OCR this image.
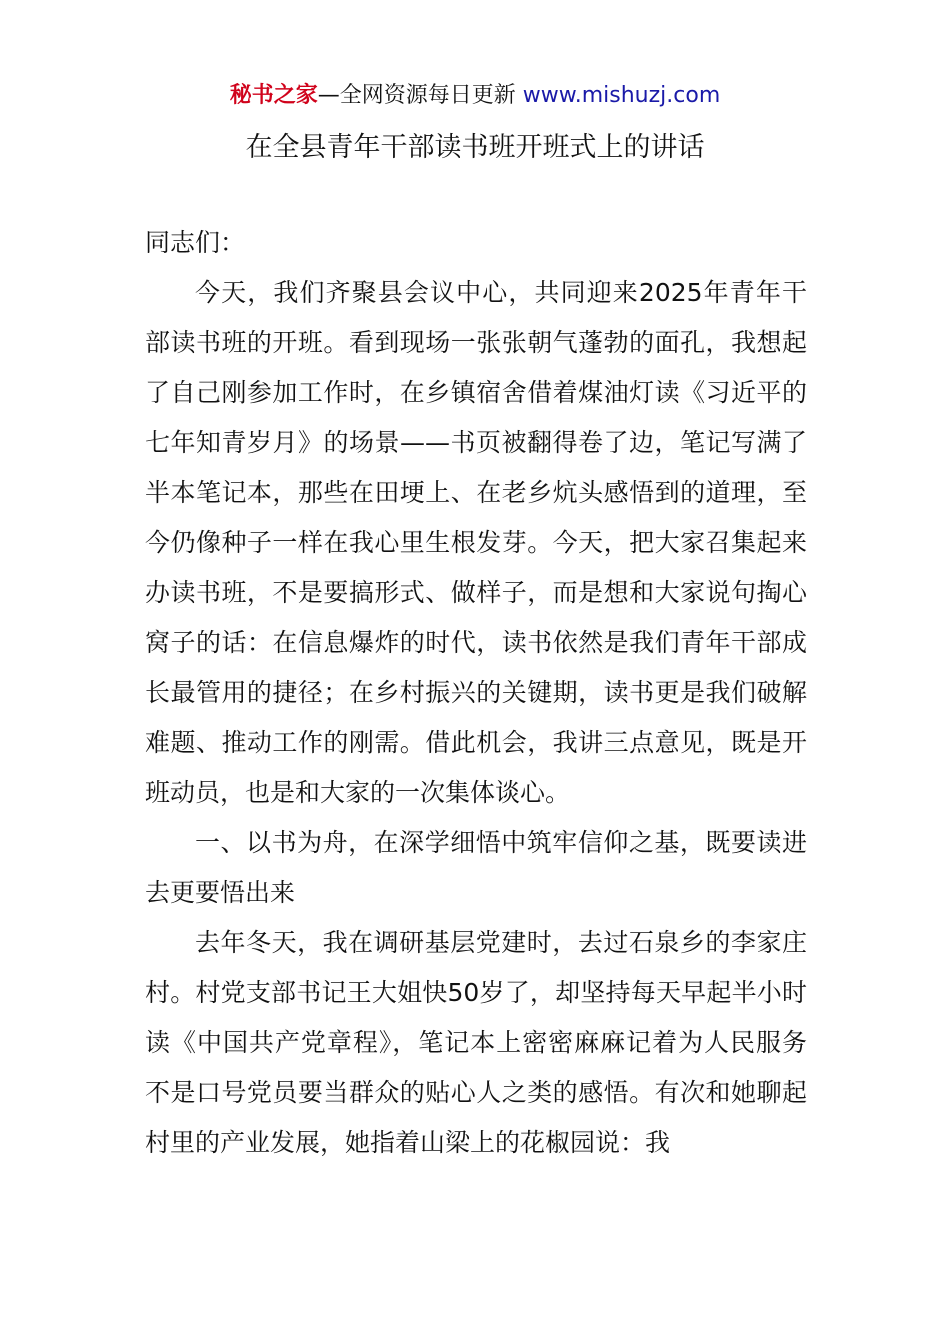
秘书之家—全网资源每日更新 www.mishuzj.com
在全县青年干部读书班开班式上的讲话

同志们：

今天，我们齐聚县会议中心，共同迎来2025年青年干部读书班的开班。看到现场一张张朝气蓬勃的面孔，我想起了自己刚参加工作时，在乡镇宿舍借着煤油灯读《习近平的七年知青岁月》的场景——书页被翻得卷了边，笔记写满了半本笔记本，那些在田埂上、在老乡炕头感悟到的道理，至今仍像种子一样在我心里生根发芽。今天，把大家召集起来办读书班，不是要搞形式、做样子，而是想和大家说句掏心窝子的话：在信息爆炸的时代，读书依然是我们青年干部成长最管用的捷径；在乡村振兴的关键期，读书更是我们破解难题、推动工作的刚需。借此机会，我讲三点意见，既是开班动员，也是和大家的一次集体谈心。

一、以书为舟，在深学细悟中筑牢信仰之基，既要读进去更要悟出来

去年冬天，我在调研基层党建时，去过石泉乡的李家庄村。村党支部书记王大姐快50岁了，却坚持每天早起半小时读《中国共产党章程》，笔记本上密密麻麻记着为人民服务不是口号党员要当群众的贴心人之类的感悟。有次和她聊起村里的产业发展，她指着山梁上的花椒园说：我
